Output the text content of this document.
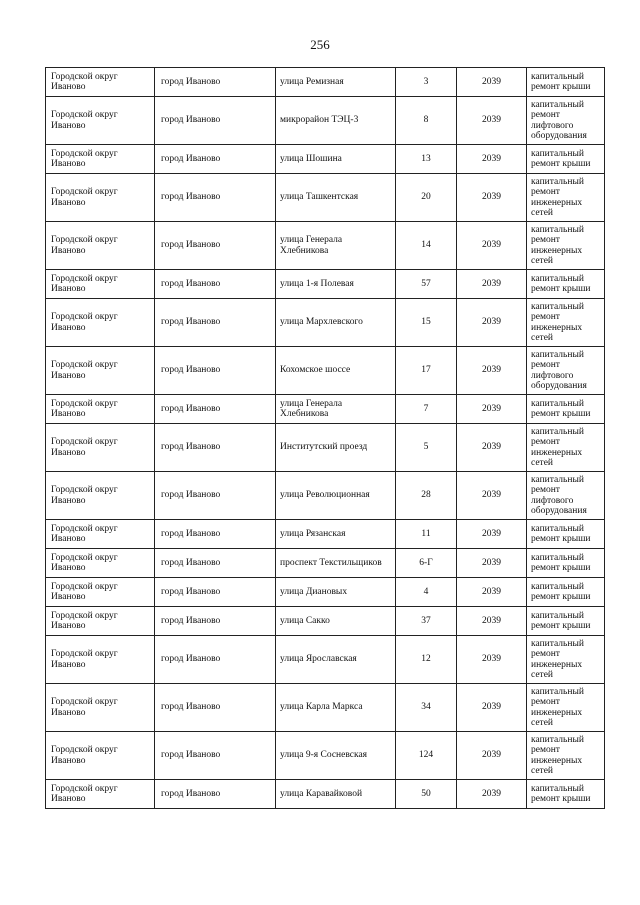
256
Городской округ Иваново	город Иваново	улица Ремизная	3	2039	капитальный ремонт крыши
Городской округ Иваново	город Иваново	микрорайон ТЭЦ-3	8	2039	капитальный ремонт лифтового оборудования
Городской округ Иваново	город Иваново	улица Шошина	13	2039	капитальный ремонт крыши
Городской округ Иваново	город Иваново	улица Ташкентская	20	2039	капитальный ремонт инженерных сетей
Городской округ Иваново	город Иваново	улица Генерала Хлебникова	14	2039	капитальный ремонт инженерных сетей
Городской округ Иваново	город Иваново	улица 1-я Полевая	57	2039	капитальный ремонт крыши
Городской округ Иваново	город Иваново	улица Мархлевского	15	2039	капитальный ремонт инженерных сетей
Городской округ Иваново	город Иваново	Кохомское шоссе	17	2039	капитальный ремонт лифтового оборудования
Городской округ Иваново	город Иваново	улица Генерала Хлебникова	7	2039	капитальный ремонт крыши
Городской округ Иваново	город Иваново	Институтский проезд	5	2039	капитальный ремонт инженерных сетей
Городской округ Иваново	город Иваново	улица Революционная	28	2039	капитальный ремонт лифтового оборудования
Городской округ Иваново	город Иваново	улица Рязанская	11	2039	капитальный ремонт крыши
Городской округ Иваново	город Иваново	проспект Текстильщиков	6-Г	2039	капитальный ремонт крыши
Городской округ Иваново	город Иваново	улица Диановых	4	2039	капитальный ремонт крыши
Городской округ Иваново	город Иваново	улица Сакко	37	2039	капитальный ремонт крыши
Городской округ Иваново	город Иваново	улица Ярославская	12	2039	капитальный ремонт инженерных сетей
Городской округ Иваново	город Иваново	улица Карла Маркса	34	2039	капитальный ремонт инженерных сетей
Городской округ Иваново	город Иваново	улица 9-я Сосневская	124	2039	капитальный ремонт инженерных сетей
Городской округ Иваново	город Иваново	улица Каравайковой	50	2039	капитальный ремонт крыши
